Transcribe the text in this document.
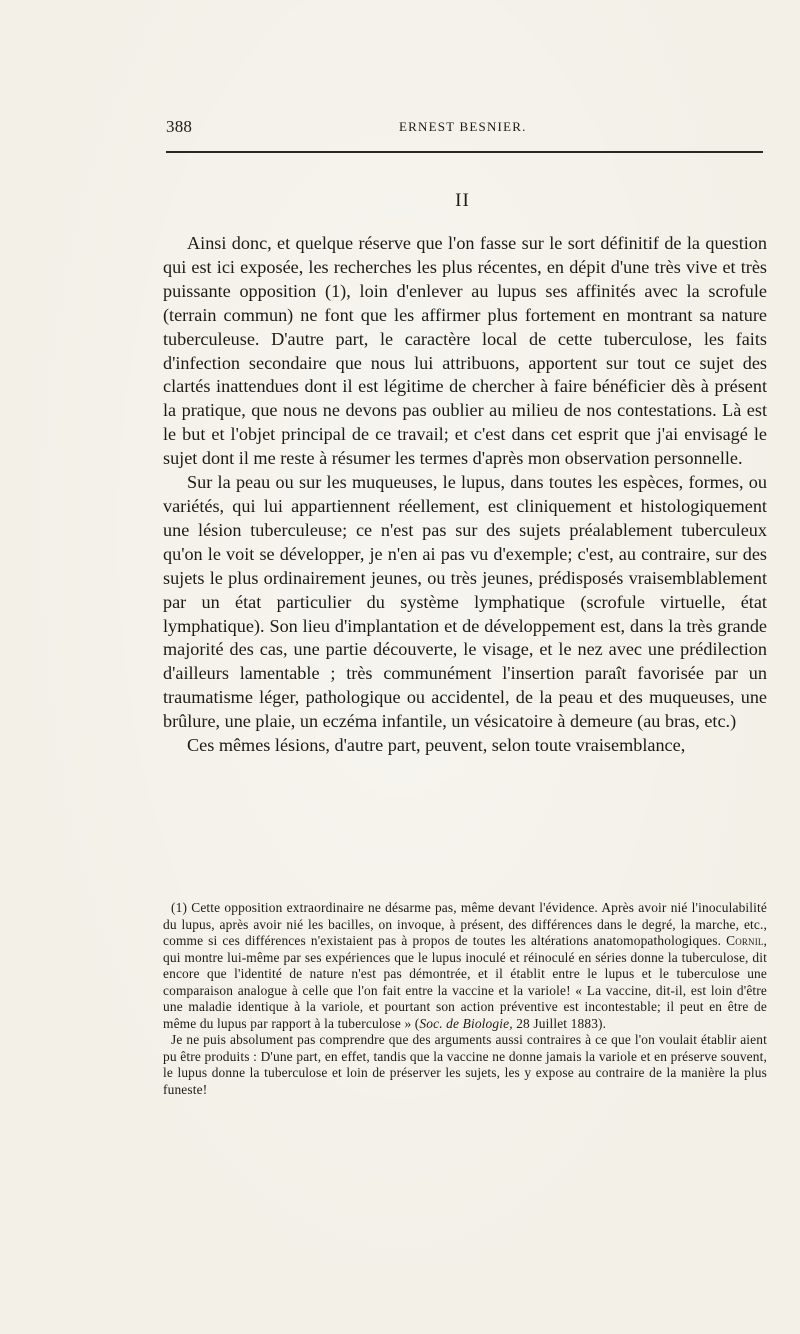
388	ERNEST BESNIER.
II

Ainsi donc, et quelque réserve que l'on fasse sur le sort définitif de la question qui est ici exposée, les recherches les plus récentes, en dépit d'une très vive et très puissante opposition (1), loin d'enlever au lupus ses affinités avec la scrofule (terrain commun) ne font que les affirmer plus fortement en montrant sa nature tuberculeuse. D'autre part, le caractère local de cette tuberculose, les faits d'infection secondaire que nous lui attribuons, apportent sur tout ce sujet des clartés inattendues dont il est légitime de chercher à faire bénéficier dès à présent la pratique, que nous ne devons pas oublier au milieu de nos contestations. Là est le but et l'objet principal de ce travail; et c'est dans cet esprit que j'ai envisagé le sujet dont il me reste à résumer les termes d'après mon observation personnelle.

Sur la peau ou sur les muqueuses, le lupus, dans toutes les espèces, formes, ou variétés, qui lui appartiennent réellement, est cliniquement et histologiquement une lésion tuberculeuse; ce n'est pas sur des sujets préalablement tuberculeux qu'on le voit se développer, je n'en ai pas vu d'exemple; c'est, au contraire, sur des sujets le plus ordinairement jeunes, ou très jeunes, prédisposés vraisemblablement par un état particulier du système lymphatique (scrofule virtuelle, état lymphatique). Son lieu d'implantation et de développement est, dans la très grande majorité des cas, une partie découverte, le visage, et le nez avec une prédilection d'ailleurs lamentable ; très communément l'insertion paraît favorisée par un traumatisme léger, pathologique ou accidentel, de la peau et des muqueuses, une brûlure, une plaie, un eczéma infantile, un vésicatoire à demeure (au bras, etc.)

Ces mêmes lésions, d'autre part, peuvent, selon toute vraisemblance,

(1) Cette opposition extraordinaire ne désarme pas, même devant l'évidence. Après avoir nié l'inoculabilité du lupus, après avoir nié les bacilles, on invoque, à présent, des différences dans le degré, la marche, etc., comme si ces différences n'existaient pas à propos de toutes les altérations anatomopathologiques. Cornil, qui montre lui-même par ses expériences que le lupus inoculé et réinoculé en séries donne la tuberculose, dit encore que l'identité de nature n'est pas démontrée, et il établit entre le lupus et le tuberculose une comparaison analogue à celle que l'on fait entre la vaccine et la variole! « La vaccine, dit-il, est loin d'être une maladie identique à la variole, et pourtant son action préventive est incontestable; il peut en être de même du lupus par rapport à la tuberculose » (Soc. de Biologie, 28 Juillet 1883).

Je ne puis absolument pas comprendre que des arguments aussi contraires à ce que l'on voulait établir aient pu être produits : D'une part, en effet, tandis que la vaccine ne donne jamais la variole et en préserve souvent, le lupus donne la tuberculose et loin de préserver les sujets, les y expose au contraire de la manière la plus funeste!
